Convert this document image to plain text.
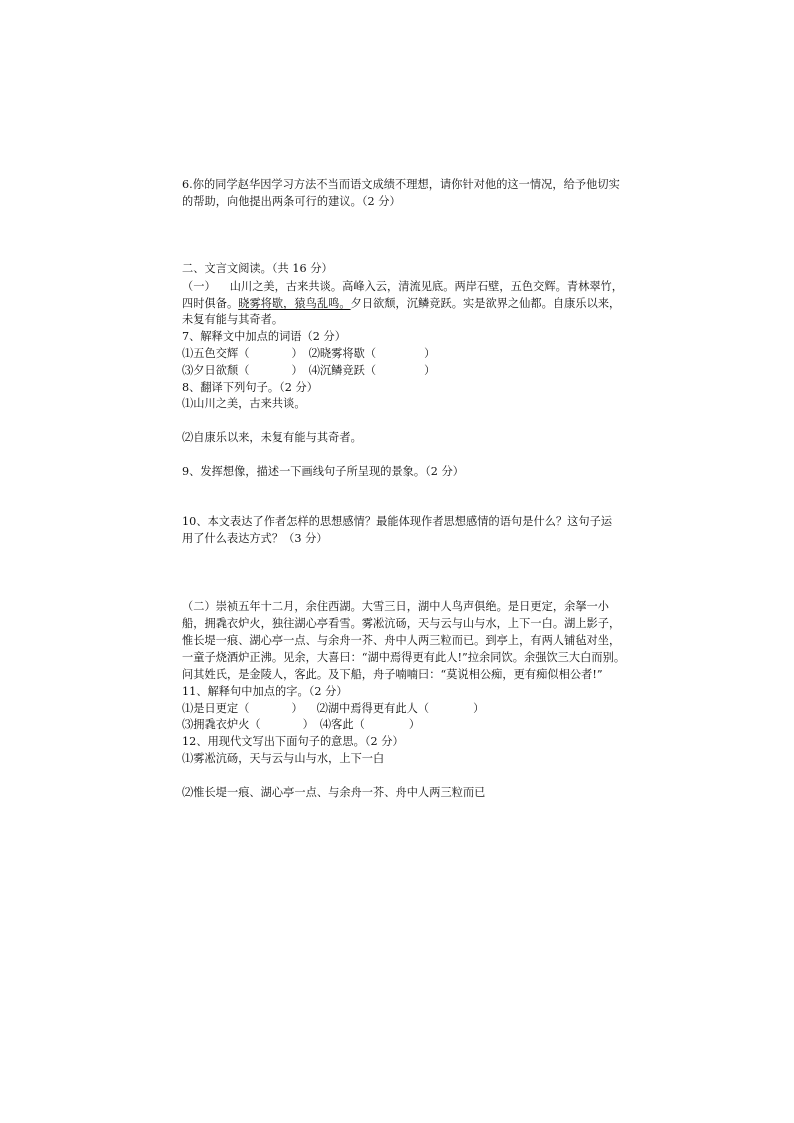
6.你的同学赵华因学习方法不当而语文成绩不理想，请你针对他的这一情况，给予他切实
的帮助，向他提出两条可行的建议。（2 分）
二、文言文阅读。（共 16 分）
（一） 山川之美，古来共谈。高峰入云，清流见底。两岸石壁，五色交辉。青林翠竹，
四时俱备。晓雾将歇，猿鸟乱鸣。夕日欲颓，沉鳞竞跃。实是欲界之仙都。自康乐以来，
未复有能与其奇者。
7、解释文中加点的词语（2 分）
⑴五色交辉（	） ⑵晓雾将歇（	）
⑶夕日欲颓（	） ⑷沉鳞竞跃（	）
8、翻译下列句子。（2 分）
⑴山川之美，古来共谈。
⑵自康乐以来，未复有能与其奇者。
9、发挥想像，描述一下画线句子所呈现的景象。（2 分）
10、本文表达了作者怎样的思想感情？最能体现作者思想感情的语句是什么？这句子运
用了什么表达方式？（3 分）
（二）崇祯五年十二月，余住西湖。大雪三日，湖中人鸟声俱绝。是日更定，余拏一小
船，拥毳衣炉火，独往湖心亭看雪。雾凇沆砀，天与云与山与水，上下一白。湖上影子，
惟长堤一痕、湖心亭一点、与余舟一芥、舟中人两三粒而已。到亭上，有两人铺毡对坐，
一童子烧酒炉正沸。见余，大喜曰：“湖中焉得更有此人!”拉余同饮。余强饮三大白而别。
问其姓氏，是金陵人，客此。及下船，舟子喃喃曰：“莫说相公痴，更有痴似相公者!”
11、解释句中加点的字。（2 分）
⑴是日更定（	） ⑵湖中焉得更有此人（	）
⑶拥毳衣炉火（	） ⑷客此（	）
12、用现代文写出下面句子的意思。（2 分）
⑴雾凇沆砀，天与云与山与水，上下一白
⑵惟长堤一痕、湖心亭一点、与余舟一芥、舟中人两三粒而已
